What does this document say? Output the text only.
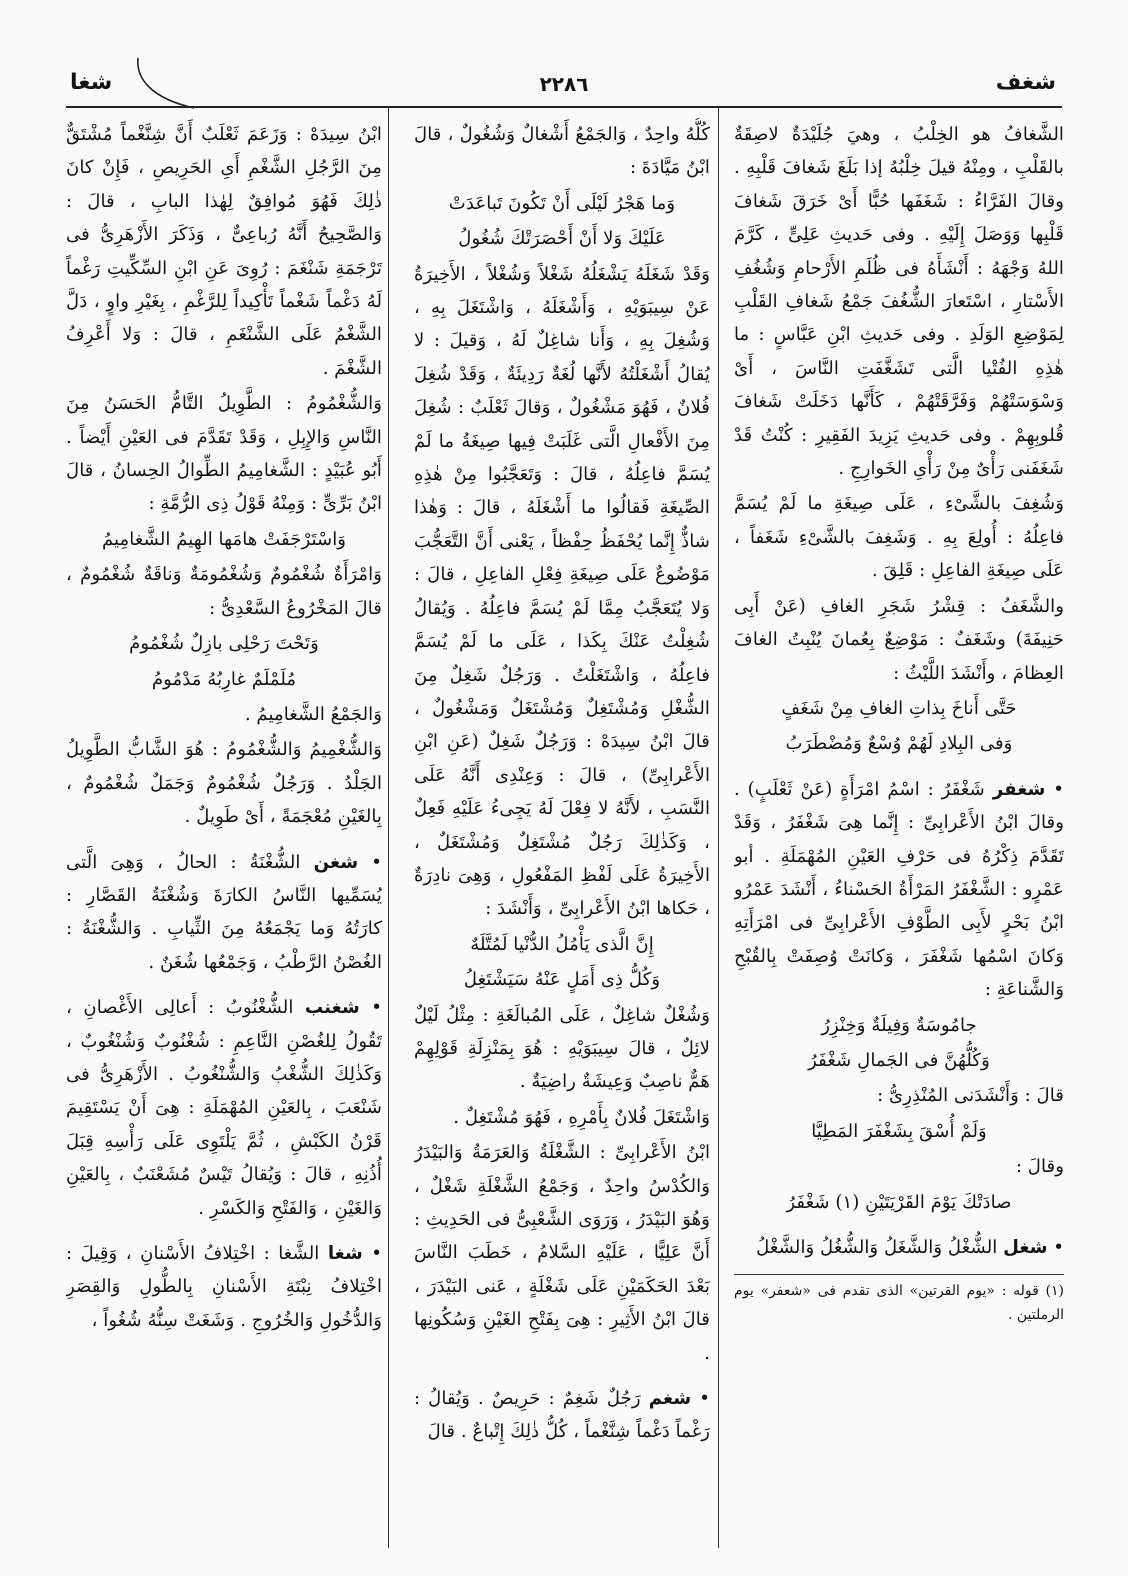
شغف
٢٢٨٦
شغا

الشَّغافُ هو الخِلْبُ ، وهيَ جُلَيْدَةٌ لاصِقَةٌ بالقَلْبِ ، ومِنْهُ قيلَ خِلْبُهُ إذا بَلَغَ شَغافَ قَلْبِهِ . وقالَ الفَرَّاءُ : شَغَفَها حُبًّا أَىْ خَرَقَ شَغافَ قَلْبِها وَوَصَلَ إِلَيْهِ . وفى حَديثِ عَلِىٍّ ، كَرَّمَ اللهُ وَجْهَهُ : أَنْشَأَهُ فى ظُلَمِ الأَرْحامِ وَشُغُفِ الأَسْتارِ ، اسْتَعارَ الشُّغُفَ جَمْعُ شَغافِ القَلْبِ لِمَوْضِعِ الوَلَدِ . وفى حَديثِ ابْنِ عَبَّاسٍ : ما هٰذِهِ الفُتْيا الَّتى تَشَغَّفَتِ النَّاسَ ، أَىْ وَسْوَسَتْهُمْ وَفَرَّقَتْهُمْ ، كَأَنَّها دَخَلَتْ شَغافَ قُلوبِهِمْ . وفى حَديثِ يَزِيدَ الفَقِيرِ : كُنْتُ قَدْ شَغَفَنى رَأْىٌ مِنْ رَأْىِ الخَوارِجِ .

وَشُغِفَ بالشَّىْءِ ، عَلَى صِيغَةِ ما لَمْ يُسَمَّ فاعِلُهُ : أُولِعَ بِهِ . وَشَغِفَ بالشَّىْءِ شَغَفاً ، عَلَى صِيغَةِ الفاعِلِ : قَلِقَ .

والشَّغَفُ : قِشْرُ شَجَرِ الغافِ (عَنْ أَبِى حَنِيفَةَ) وشَغَفٌ : مَوْضِعٌ بِعُمانَ يُنْبِتُ الغافَ العِظامَ ، وأَنْشَدَ اللَّيْثُ :

حَتَّى أَناخَ بِذاتِ الغافِ مِنْ شَغَفٍ

وَفى البِلادِ لَهُمْ وُسْعٌ وَمُضْطَرَبُ

• شغفر شَغْفَرُ : اسْمُ امْرَأَةٍ (عَنْ ثَعْلَبٍ) . وقالَ ابْنُ الأَعْرابِىِّ : إِنَّما هِىَ شَغْفَرُ ، وَقَدْ تَقَدَّمَ ذِكْرُهُ فى حَرْفِ العَيْنِ المُهْمَلَةِ . أبو عَمْرٍو : الشَّغْفَرُ المَرْأَةُ الحَسْناءُ ، أَنْشَدَ عَمْرُو ابْنُ بَحْرٍ لأَبِى الطَّوْفِ الأَعْرابِىِّ فى امْرَأَتِهِ وَكانَ اسْمُها شَغْفَرَ ، وَكانَتْ وُصِفَتْ بِالقُبْحِ وَالشَّناعَةِ :

جامُوسَةٌ وَفِيلَةٌ وَخِنْزِرُ

وَكُلُّهُنَّ فى الجَمالِ شَغْفَرُ

قالَ : وَأَنْشَدَنى المُنْذِرِىُّ :

وَلَمْ أُسْقَ بِشَغْفَرَ المَطِيَّا

وقالَ :

صادَتْكَ يَوْمَ القَرْيَتَيْنِ (١) شَغْفَرُ

• شغل الشُّغْلُ وَالشَّغَلُ وَالشُّغُلُ وَالشَّغْلُ

(١) قوله : «يوم القرتين» الذى تقدم فى «شعفر» يوم الرملتين .

كُلُّهُ واحِدٌ ، وَالجَمْعُ أَشْغالٌ وَشُغُولٌ ، قالَ ابْنُ مَيَّادَةَ :

وَما هَجْرُ لَيْلَى أَنْ تَكُونَ تَباعَدَتْ

عَلَيْكَ وَلا أَنْ أَحْصَرَتْكَ شُغُولُ

وَقَدْ شَغَلَهُ يَشْغَلُهُ شَغْلاً وَشُغْلاً ، الأَخِيرَةُ عَنْ سِيبَوَيْهِ ، وَأَشْغَلَهُ ، وَاشْتَغَلَ بِهِ ، وَشُغِلَ بِهِ ، وَأَنا شاغِلٌ لَهُ ، وَقيلَ : لا يُقالُ أَشْغَلْتُهُ لأَنَّها لُغَةٌ رَدِيئَةٌ ، وَقَدْ شُغِلَ فُلانٌ ، فَهُوَ مَشْغُولٌ ، وَقالَ ثَعْلَبٌ : شُغِلَ مِنَ الأَفْعالِ الَّتى غَلَبَتْ فِيها صِيغَةُ ما لَمْ يُسَمَّ فاعِلُهُ ، قالَ : وَتَعَجَّبُوا مِنْ هٰذِهِ الصِّيغَةِ فَقالُوا ما أَشْغَلَهُ ، قالَ : وَهٰذا شاذٌّ إِنَّما يُحْفَظُ حِفْظاً ، يَعْنى أَنَّ التَّعَجُّبَ مَوْضُوعٌ عَلَى صِيغَةِ فِعْلِ الفاعِلِ ، قالَ : وَلا يُتَعَجَّبُ مِمَّا لَمْ يُسَمَّ فاعِلُهُ . وَيُقالُ شُغِلْتُ عَنْكَ بِكَذا ، عَلَى ما لَمْ يُسَمَّ فاعِلُهُ ، وَاشْتَغَلْتُ . وَرَجُلٌ شَغِلٌ مِنَ الشُّغْلِ وَمُشْتَغِلٌ وَمُشْتَغَلٌ وَمَشْغُولٌ ، قالَ ابْنُ سِيدَهْ : وَرَجُلٌ شَغِلٌ (عَنِ ابْنِ الأَعْرابِىِّ) ، قالَ : وَعِنْدِى أَنَّهُ عَلَى النَّسَبِ ، لأَنَّهُ لا فِعْلَ لَهُ يَجِىءُ عَلَيْهِ فَعِلٌ ، وَكَذٰلِكَ رَجُلٌ مُشْتَغِلٌ وَمُشْتَغَلٌ ، الأَخِيرَةُ عَلَى لَفْظِ المَفْعُولِ ، وَهِىَ نادِرَةٌ ، حَكاها ابْنُ الأَعْرابِىِّ ، وَأَنْشَدَ :

إِنَّ الَّذى يَأْمُلُ الدُّنْيا لَمُتَّلَهٌ

وَكُلُّ ذِى أَمَلٍ عَنْهُ سَيَشْتَغِلُ

وَشُغْلٌ شاغِلٌ ، عَلَى المُبالَغَةِ : مِثْلُ لَيْلٌ لائِلٌ ، قالَ سِيبَوَيْهِ : هُوَ بِمَنْزِلَةِ قَوْلِهِمْ هَمٌّ ناصِبٌ وَعِيشَةٌ راضِيَةٌ .

وَاشْتَغَلَ فُلانٌ بِأَمْرِهِ ، فَهُوَ مُشْتَغِلٌ .

ابْنُ الأَعْرابِىِّ : الشَّغْلَةُ وَالعَرَمَةُ وَالبَيْدَرُ وَالكُدْسُ واحِدٌ ، وَجَمْعُ الشَّغْلَةِ شَغْلٌ ، وَهُوَ البَيْدَرُ ، وَرَوَى الشَّعْبِىُّ فى الحَدِيثِ : أَنَّ عَلِيًّا ، عَلَيْهِ السَّلامُ ، خَطَبَ النَّاسَ بَعْدَ الحَكَمَيْنِ عَلَى شَغْلَةٍ ، عَنى البَيْدَرَ ، قالَ ابْنُ الأَثِيرِ : هِىَ بِفَتْحِ الغَيْنِ وَسُكُونِها .

• شغم رَجُلٌ شَغِمٌ : حَرِيصٌ . وَيُقالُ : رَغْماً دَغْماً شِنَّغْماً ، كُلُّ ذٰلِكَ إِتْباعٌ . قالَ

ابْنُ سِيدَهْ : وَزَعَمَ ثَعْلَبٌ أَنَّ شِنَّغْماً مُشْتَقٌّ مِنَ الرَّجُلِ الشَّغْمِ أَىِ الحَرِيصِ ، فَإِنْ كانَ ذٰلِكَ فَهُوَ مُوافِقٌ لِهٰذا البابِ ، قالَ : وَالصَّحِيحُ أَنَّهُ رُباعِىٌّ ، وَذَكَرَ الأَزْهَرِىُّ فى تَرْجَمَةِ شَنْغَمَ : رُوِىَ عَنِ ابْنِ السِّكِّيتِ رَغْماً لَهُ دَغْماً شَغْماً تَأْكِيداً لِلرَّغْمِ ، بِغَيْرِ واوٍ ، دَلَّ الشَّغْمُ عَلَى الشَّنْغَمِ ، قالَ : وَلا أَعْرِفُ الشَّغْمَ .

وَالشُّغْمُومُ : الطَّوِيلُ التَّامُّ الحَسَنُ مِنَ النَّاسِ وَالإِبِلِ ، وَقَدْ تَقَدَّمَ فى العَيْنِ أَيْضاً . أَبُو عُبَيْدٍ : الشَّغامِيمُ الطِّوالُ الحِسانُ ، قالَ ابْنُ بَرِّىٍّ : وَمِنْهُ قَوْلُ ذِى الرُّمَّةِ :

وَاسْتَرْجَفَتْ هامَها الهِيمُ الشَّغامِيمُ

وَامْرَأَةٌ شُغْمُومٌ وَشُغْمُومَةٌ وَناقَةٌ شُغْمُومٌ ، قالَ المَخْرُوعُ السَّعْدِىُّ :

وَتَحْتَ رَحْلِى بازِلٌ شُغْمُومُ

مُلَمْلَمٌ غارِبُهُ مَدْمُومُ

وَالجَمْعُ الشَّغامِيمُ .

وَالشُّغْمِيمُ وَالشُّغْمُومُ : هُوَ الشَّابُّ الطَّوِيلُ الجَلْدُ . وَرَجُلٌ شُغْمُومٌ وَجَمَلٌ شُغْمُومٌ ، بِالغَيْنِ مُعْجَمَةً ، أَىْ طَوِيلٌ .

• شغن الشُّغْنَةُ : الحالُ ، وَهِىَ الَّتى يُسَمِّيها النَّاسُ الكارَةَ وَشُغْنَةُ القَصَّارِ : كارَتُهُ وَما يَجْمَعُهُ مِنَ الثِّيابِ . وَالشُّغْنَةُ : الغُصْنُ الرَّطْبُ ، وَجَمْعُها شُغَنٌ .

• شغنب الشُّغْنُوبُ : أَعالِى الأَغْصانِ ، تَقُولُ لِلغُصْنِ النَّاعِمِ : شُغْنُوبٌ وَشُنْغُوبٌ ، وَكَذٰلِكَ الشُّغْبُ وَالشُّنْغُوبُ . الأَزْهَرِىُّ فى شَنْعَبَ ، بِالعَيْنِ المُهْمَلَةِ : هِىَ أَنْ يَسْتَقِيمَ قَرْنُ الكَبْشِ ، ثُمَّ يَلْتَوِى عَلَى رَأْسِهِ قِبَلَ أُذُنِهِ ، قالَ : وَيُقالُ تَيْسٌ مُشَعْنَبٌ ، بِالعَيْنِ وَالغَيْنِ ، وَالفَتْحِ وَالكَسْرِ .

• شغا الشَّغا : اخْتِلافُ الأَسْنانِ ، وَقِيلَ : اخْتِلافُ نِبْتَةِ الأَسْنانِ بِالطُّولِ وَالقِصَرِ وَالدُّخُولِ وَالخُرُوجِ . وَشَغَتْ سِنُّهُ شُغُواً ،
